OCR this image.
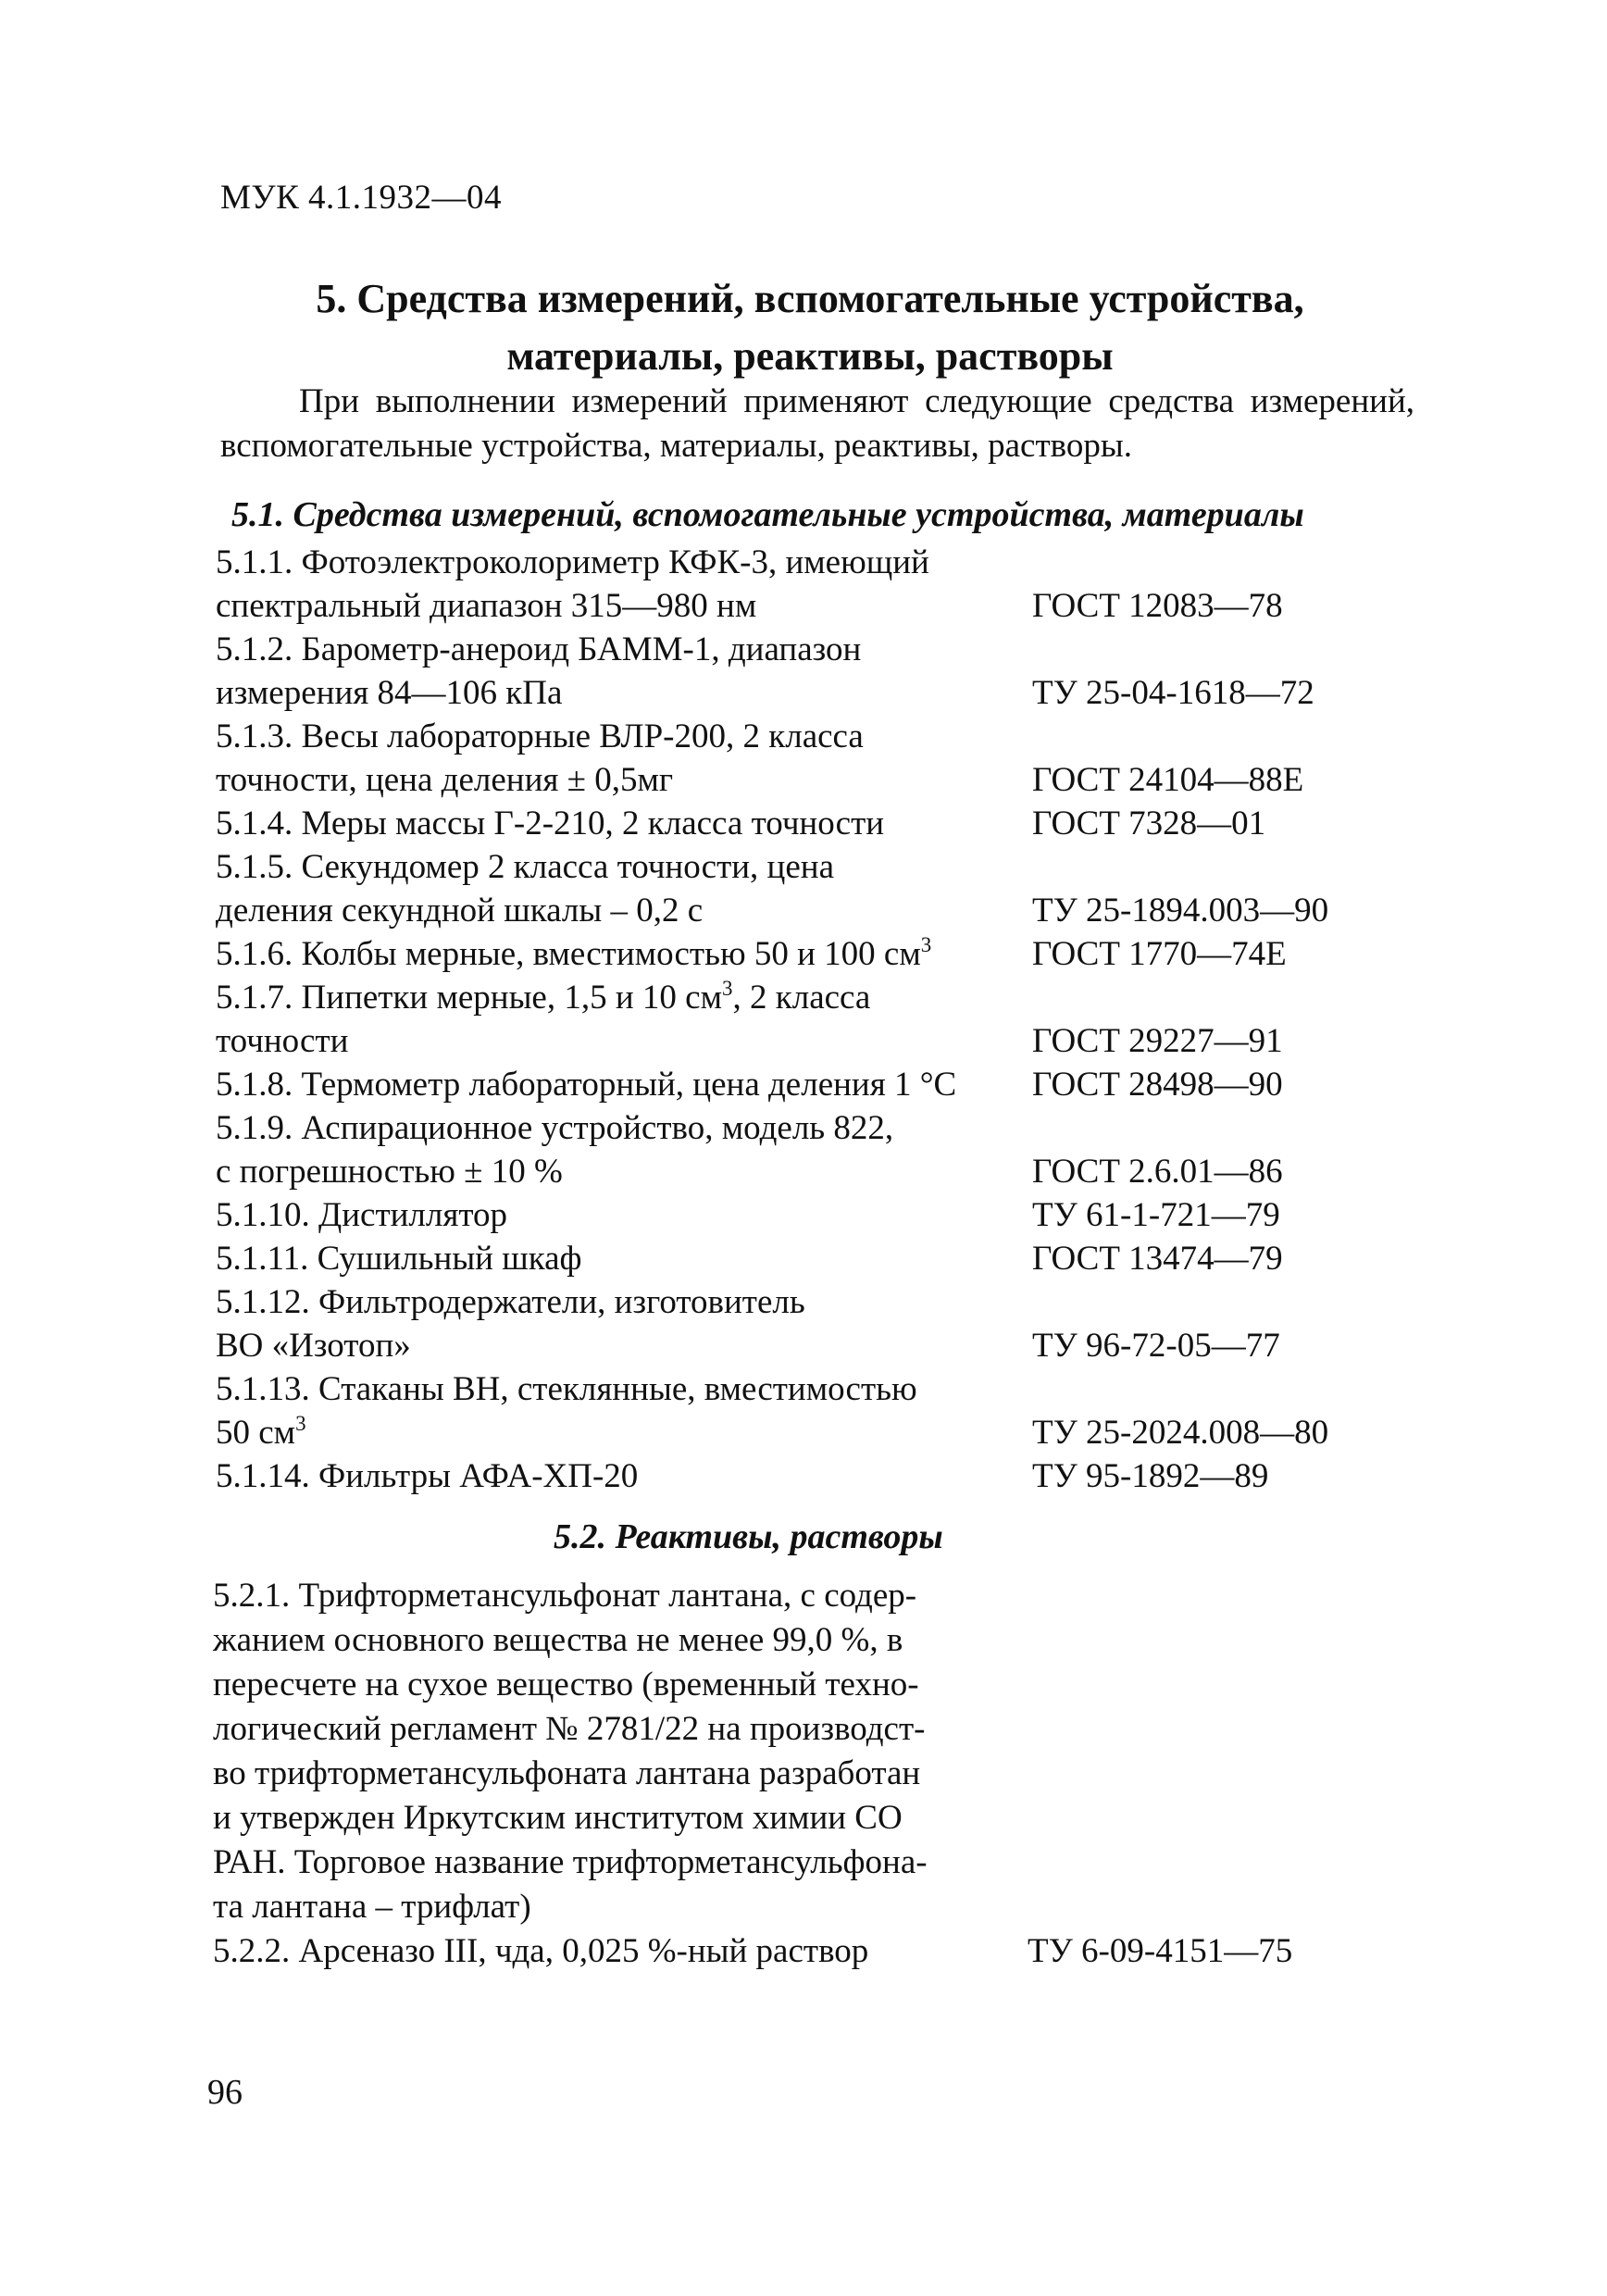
МУК 4.1.1932—04
5. Средства измерений, вспомогательные устройства,
материалы, реактивы, растворы

При выполнении измерений применяют следующие средства измерений, вспомогательные устройства, материалы, реактивы, растворы.

5.1. Средства измерений, вспомогательные устройства, материалы
5.1.1. Фотоэлектроколориметр КФК-3, имеющий
спектральный диапазон 315—980 нм	ГОСТ 12083—78
5.1.2. Барометр-анероид БАММ-1, диапазон
измерения 84—106 кПа	ТУ 25-04-1618—72
5.1.3. Весы лабораторные ВЛР-200, 2 класса
точности, цена деления ± 0,5мг	ГОСТ 24104—88Е
5.1.4. Меры массы Г-2-210, 2 класса точности	ГОСТ 7328—01
5.1.5. Секундомер 2 класса точности, цена
деления секундной шкалы – 0,2 с	ТУ 25-1894.003—90
5.1.6. Колбы мерные, вместимостью 50 и 100 $см^3$	ГОСТ 1770—74Е
5.1.7. Пипетки мерные, 1,5 и 10 $см^3$, 2 класса
точности	ГОСТ 29227—91
5.1.8. Термометр лабораторный, цена деления 1 °С	ГОСТ 28498—90
5.1.9. Аспирационное устройство, модель 822,
с погрешностью ± 10 %	ГОСТ 2.6.01—86
5.1.10. Дистиллятор	ТУ 61-1-721—79
5.1.11. Сушильный шкаф	ГОСТ 13474—79
5.1.12. Фильтродержатели, изготовитель
ВО «Изотоп»	ТУ 96-72-05—77
5.1.13. Стаканы ВН, стеклянные, вместимостью
50 $см^3$	ТУ 25-2024.008—80
5.1.14. Фильтры АФА-ХП-20	ТУ 95-1892—89
5.2. Реактивы, растворы
5.2.1. Трифторметансульфонат лантана, с содер-
жанием основного вещества не менее 99,0 %, в
пересчете на сухое вещество (временный техно-
логический регламент № 2781/22 на производст-
во трифторметансульфоната лантана разработан
и утвержден Иркутским институтом химии СО
РАН. Торговое название трифторметансульфона-
та лантана – трифлат)
5.2.2. Арсеназо III, чда, 0,025 %-ный раствор	ТУ 6-09-4151—75
96
